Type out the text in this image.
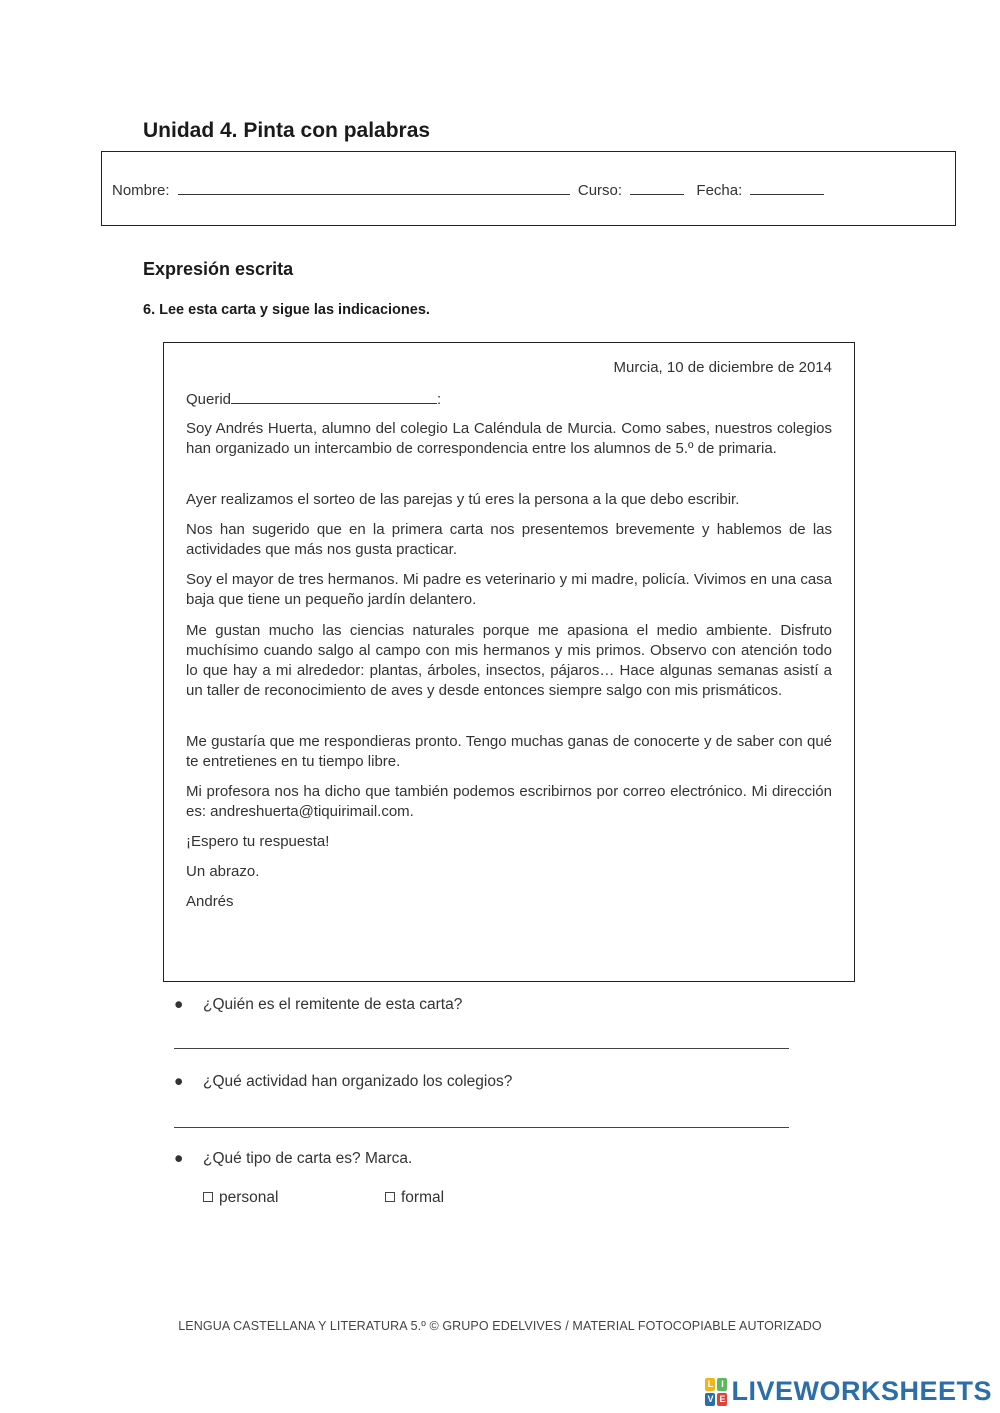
Unidad 4. Pinta con palabras
Nombre:	Curso:	Fecha:
Expresión escrita
6. Lee esta carta y sigue las indicaciones.
Murcia, 10 de diciembre de 2014
Querid	:
Soy Andrés Huerta, alumno del colegio La Caléndula de Murcia. Como sabes, nuestros colegios han organizado un intercambio de correspondencia entre los alumnos de 5.º de primaria.
Ayer realizamos el sorteo de las parejas y tú eres la persona a la que debo escribir.
Nos han sugerido que en la primera carta nos presentemos brevemente y hablemos de las actividades que más nos gusta practicar.
Soy el mayor de tres hermanos. Mi padre es veterinario y mi madre, policía. Vivimos en una casa baja que tiene un pequeño jardín delantero.
Me gustan mucho las ciencias naturales porque me apasiona el medio ambiente. Disfruto muchísimo cuando salgo al campo con mis hermanos y mis primos. Observo con atención todo lo que hay a mi alrededor: plantas, árboles, insectos, pájaros… Hace algunas semanas asistí a un taller de reconocimiento de aves y desde entonces siempre salgo con mis prismáticos.
Me gustaría que me respondieras pronto. Tengo muchas ganas de conocerte y de saber con qué te entretienes en tu tiempo libre.
Mi profesora nos ha dicho que también podemos escribirnos por correo electrónico. Mi dirección es: andreshuerta@tiquirimail.com.
¡Espero tu respuesta!
Un abrazo.
Andrés
● ¿Quién es el remitente de esta carta?
● ¿Qué actividad han organizado los colegios?
● ¿Qué tipo de carta es? Marca.
personal	formal
LENGUA CASTELLANA Y LITERATURA 5.º © GRUPO EDELVIVES / MATERIAL FOTOCOPIABLE AUTORIZADO
L I
V E LIVEWORKSHEETS
